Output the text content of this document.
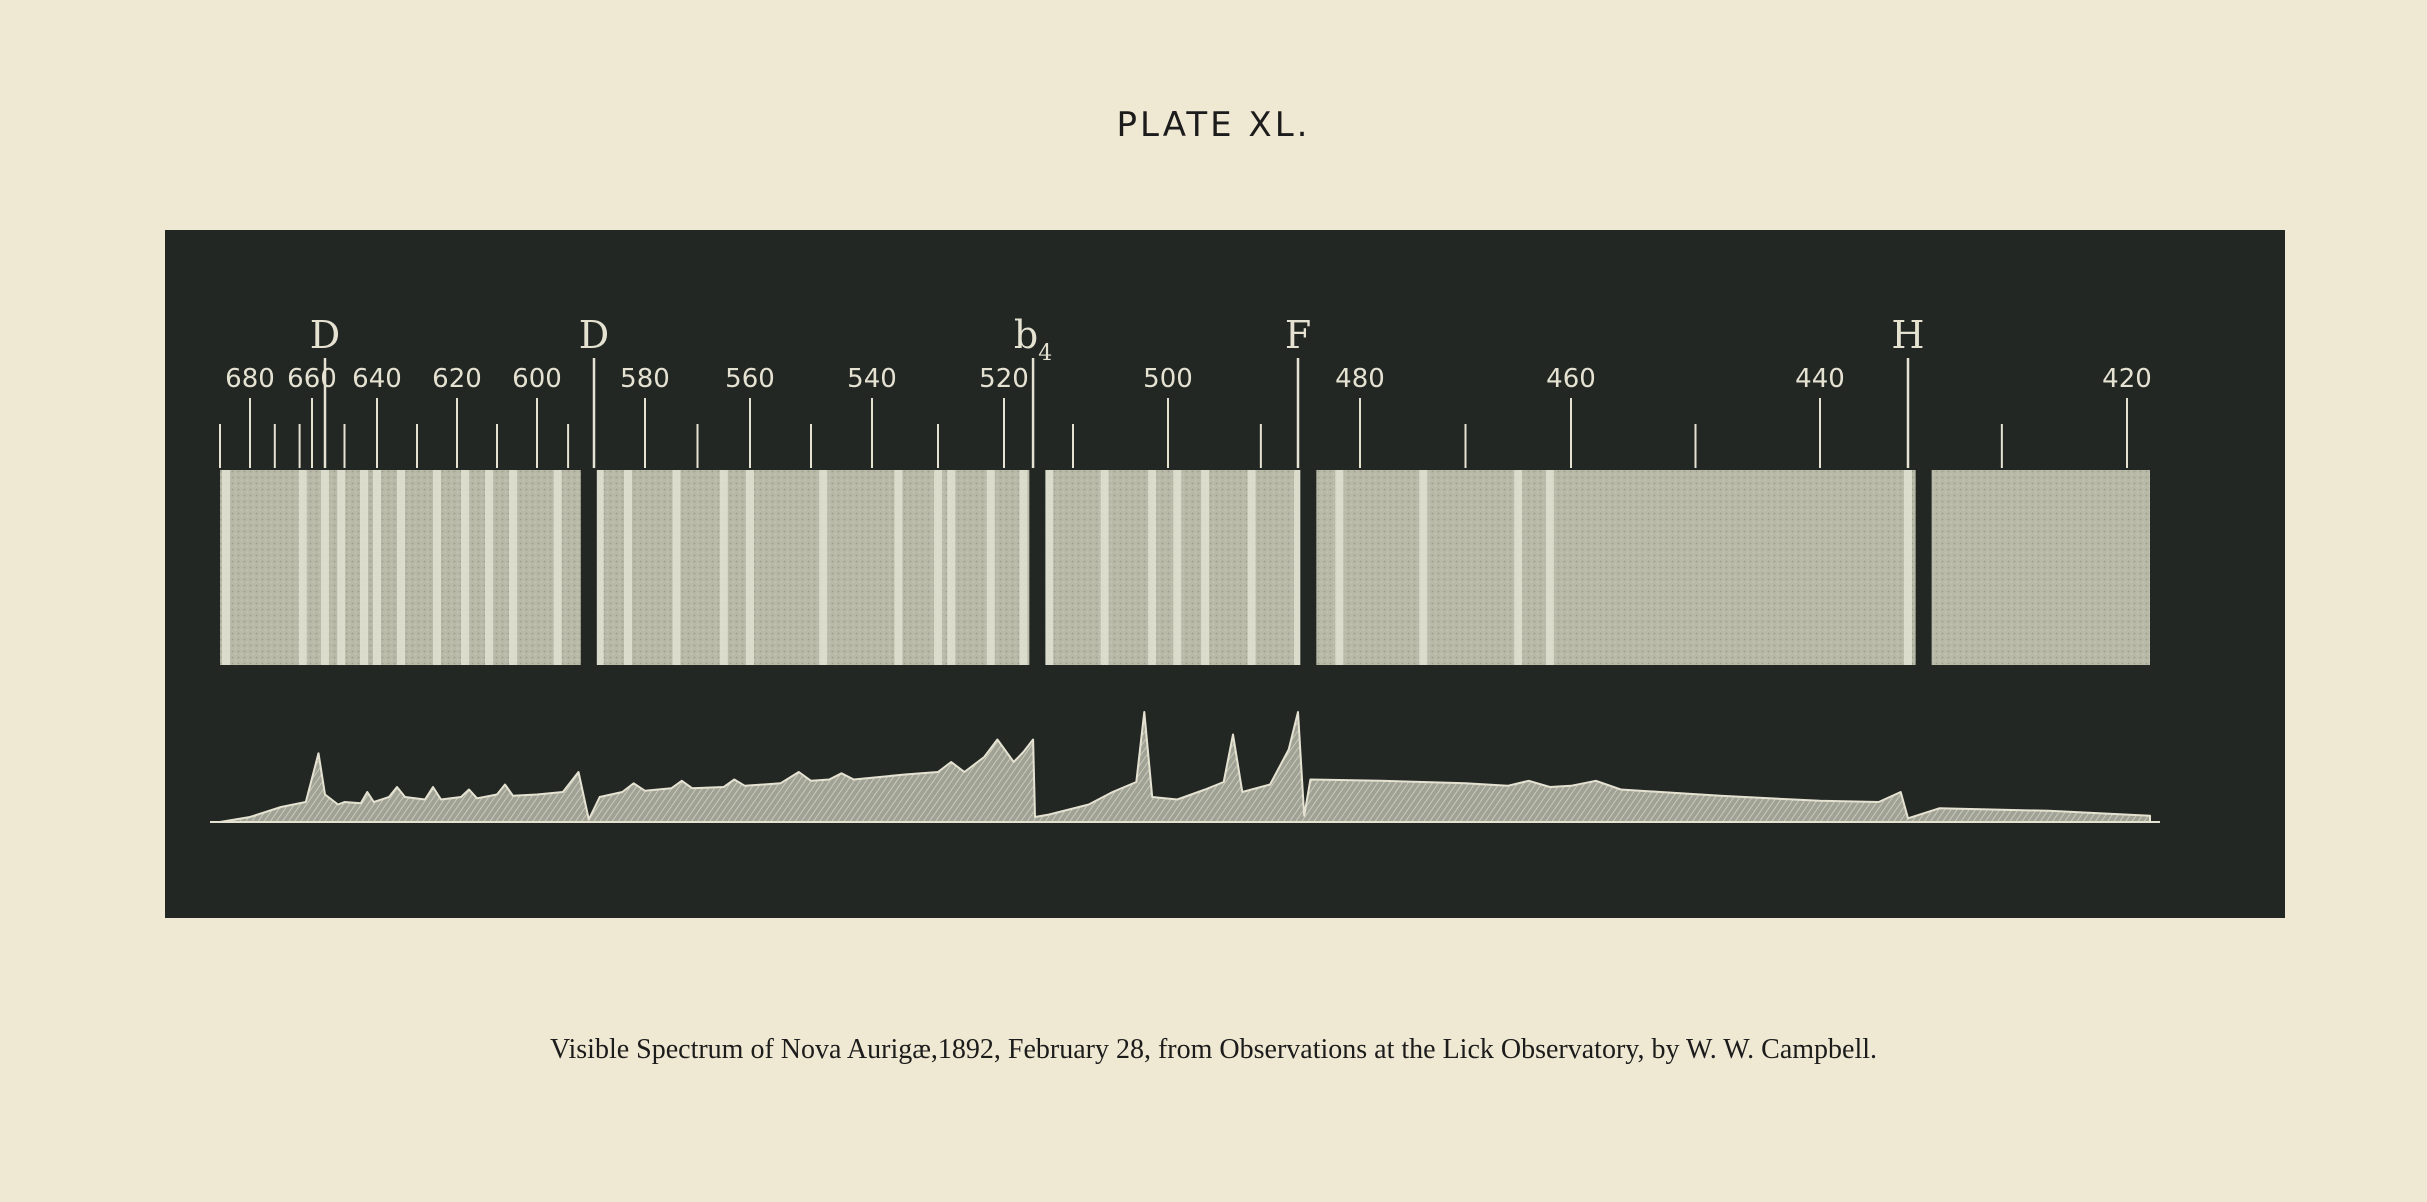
PLATE XL.
680 660 640 620 600 580 560	540	520	500	480	460	440	420
D	D	$b_4$	F	H
Visible Spectrum of Nova Aurigæ,1892, February 28, from Observations at the Lick Observatory, by W. W. Campbell.
